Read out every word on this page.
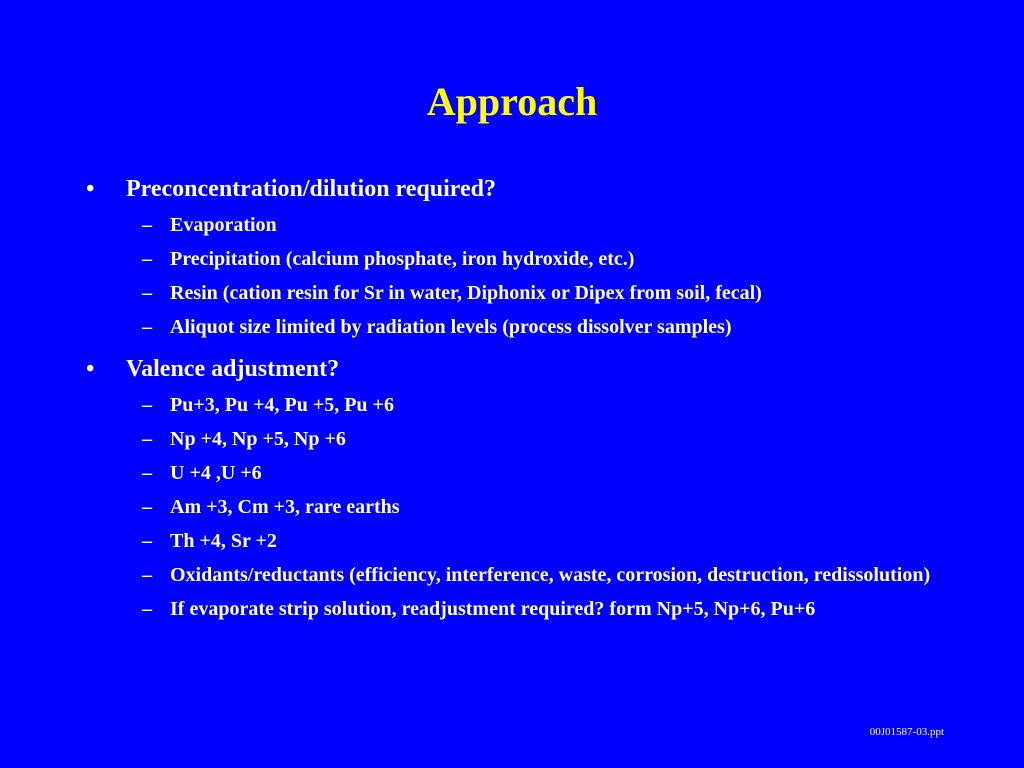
Approach
• Preconcentration/dilution required?
– Evaporation
– Precipitation (calcium phosphate, iron hydroxide, etc.)
– Resin (cation resin for Sr in water, Diphonix or Dipex from soil, fecal)
– Aliquot size limited by radiation levels (process dissolver samples)
• Valence adjustment?
– Pu+3, Pu +4, Pu +5, Pu +6
– Np +4, Np +5, Np +6
– U +4 ,U +6
– Am +3, Cm +3, rare earths
– Th +4, Sr +2
– Oxidants/reductants (efficiency, interference, waste, corrosion, destruction, redissolution)
– If evaporate strip solution, readjustment required? form Np+5, Np+6, Pu+6
00J01587-03.ppt
